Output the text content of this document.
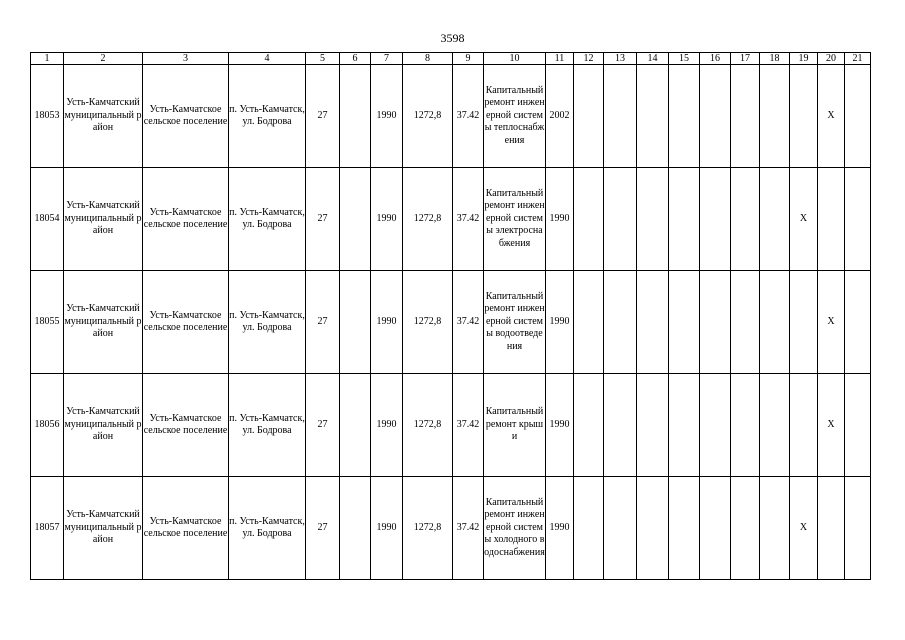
3598
1	2	3	4	5	6	7	8	9	10	11	12	13	14	15	16	17	18	19	20	21
18053	Усть-Камчатский муниципальный район	Усть-Камчатское сельское поселение	п. Усть-Камчатск, ул. Бодрова	27		1990	1272,8	37.42	Капитальный ремонт инженерной системы теплоснабжения	2002									X	
18054	Усть-Камчатский муниципальный район	Усть-Камчатское сельское поселение	п. Усть-Камчатск, ул. Бодрова	27		1990	1272,8	37.42	Капитальный ремонт инженерной системы электроснабжения	1990								X		
18055	Усть-Камчатский муниципальный район	Усть-Камчатское сельское поселение	п. Усть-Камчатск, ул. Бодрова	27		1990	1272,8	37.42	Капитальный ремонт инженерной системы водоотведения	1990									X	
18056	Усть-Камчатский муниципальный район	Усть-Камчатское сельское поселение	п. Усть-Камчатск, ул. Бодрова	27		1990	1272,8	37.42	Капитальный ремонт крыши	1990									X	
18057	Усть-Камчатский муниципальный район	Усть-Камчатское сельское поселение	п. Усть-Камчатск, ул. Бодрова	27		1990	1272,8	37.42	Капитальный ремонт инженерной системы холодного водоснабжения	1990								X		
